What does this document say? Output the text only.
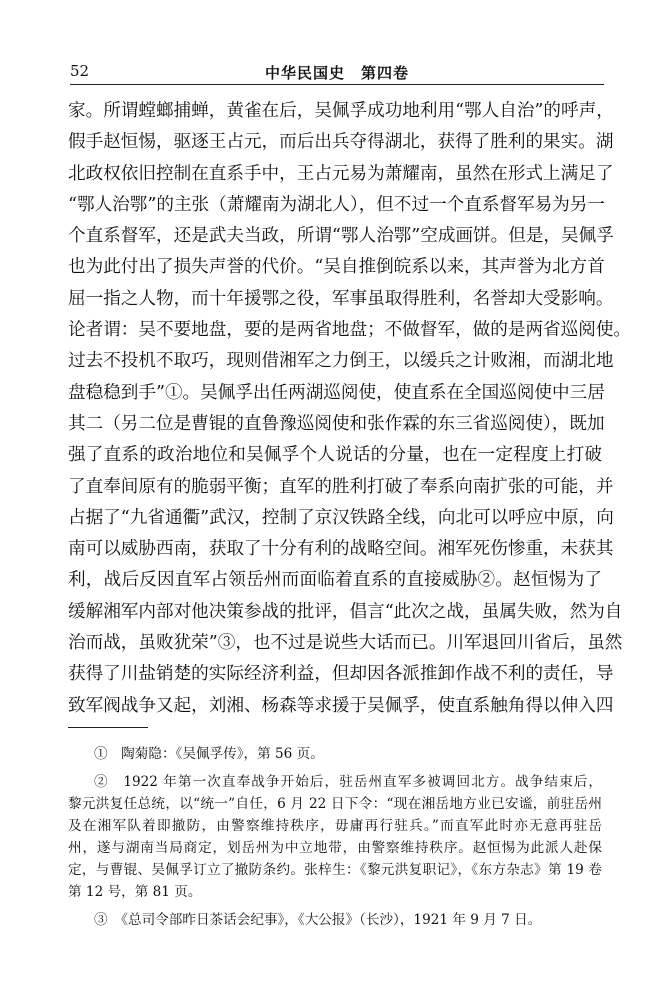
52	中华民国史　第四卷
家。所谓螳螂捕蝉，黄雀在后，吴佩孚成功地利用“鄂人自治”的呼声，
假手赵恒惕，驱逐王占元，而后出兵夺得湖北，获得了胜利的果实。湖
北政权依旧控制在直系手中，王占元易为萧耀南，虽然在形式上满足了
“鄂人治鄂”的主张（萧耀南为湖北人），但不过一个直系督军易为另一
个直系督军，还是武夫当政，所谓“鄂人治鄂”空成画饼。但是，吴佩孚
也为此付出了损失声誉的代价。“吴自推倒皖系以来，其声誉为北方首
屈一指之人物，而十年援鄂之役，军事虽取得胜利，名誉却大受影响。
论者谓：吴不要地盘，要的是两省地盘；不做督军，做的是两省巡阅使。
过去不投机不取巧，现则借湘军之力倒王，以缓兵之计败湘，而湖北地
盘稳稳到手”①。吴佩孚出任两湖巡阅使，使直系在全国巡阅使中三居
其二（另二位是曹锟的直鲁豫巡阅使和张作霖的东三省巡阅使），既加
强了直系的政治地位和吴佩孚个人说话的分量，也在一定程度上打破
了直奉间原有的脆弱平衡；直军的胜利打破了奉系向南扩张的可能，并
占据了“九省通衢”武汉，控制了京汉铁路全线，向北可以呼应中原，向
南可以威胁西南，获取了十分有利的战略空间。湘军死伤惨重，未获其
利，战后反因直军占领岳州而面临着直系的直接威胁②。赵恒惕为了
缓解湘军内部对他决策参战的批评，倡言“此次之战，虽属失败，然为自
治而战，虽败犹荣”③，也不过是说些大话而已。川军退回川省后，虽然
获得了川盐销楚的实际经济利益，但却因各派推卸作战不利的责任，导
致军阀战争又起，刘湘、杨森等求援于吴佩孚，使直系触角得以伸入四
①　陶菊隐：《吴佩孚传》，第 56 页。
②　1922 年第一次直奉战争开始后，驻岳州直军多被调回北方。战争结束后，
黎元洪复任总统，以“统一”自任，6 月 22 日下令：“现在湘岳地方业已安谧，前驻岳州
及在湘军队着即撤防，由警察维持秩序，毋庸再行驻兵。”而直军此时亦无意再驻岳
州，遂与湖南当局商定，划岳州为中立地带，由警察维持秩序。赵恒惕为此派人赴保
定，与曹锟、吴佩孚订立了撤防条约。张梓生：《黎元洪复职记》，《东方杂志》第 19 卷
第 12 号，第 81 页。
③　《总司令部昨日茶话会纪事》，《大公报》（长沙），1921 年 9 月 7 日。
